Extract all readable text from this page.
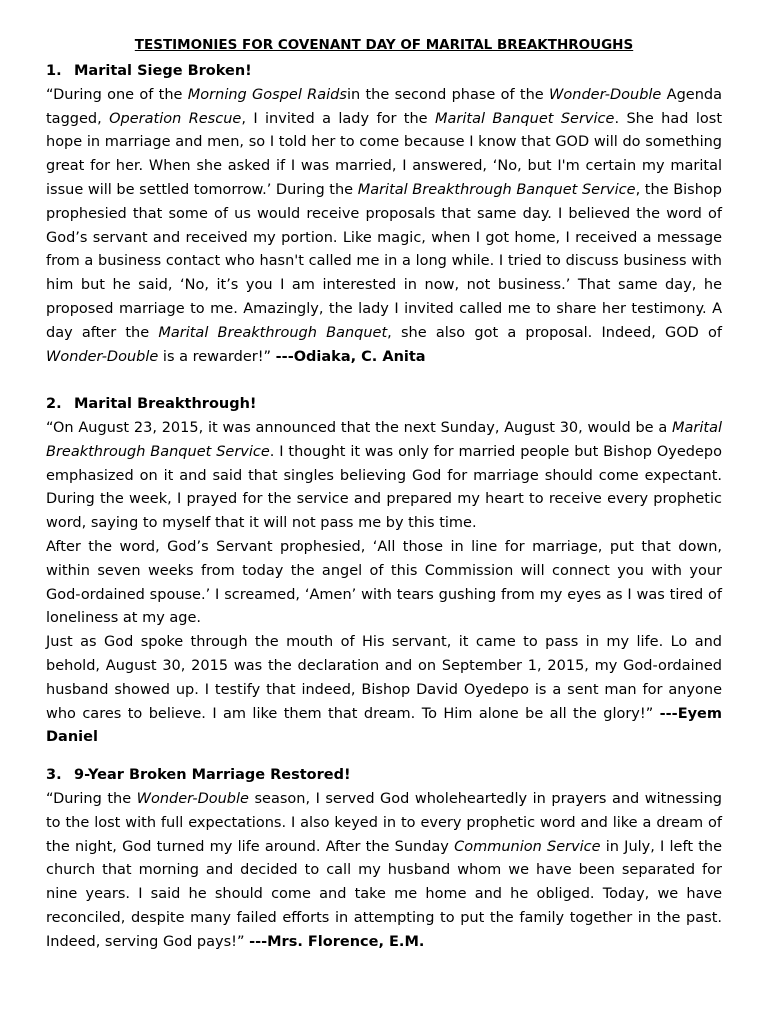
TESTIMONIES FOR COVENANT DAY OF MARITAL BREAKTHROUGHS
1. Marital Siege Broken!

“During one of the Morning Gospel Raidsin the second phase of the Wonder-Double Agenda tagged, Operation Rescue, I invited a lady for the Marital Banquet Service. She had lost hope in marriage and men, so I told her to come because I know that GOD will do something great for her. When she asked if I was married, I answered, ‘No, but I'm certain my marital issue will be settled tomorrow.’ During the Marital Breakthrough Banquet Service, the Bishop prophesied that some of us would receive proposals that same day. I believed the word of God’s servant and received my portion. Like magic, when I got home, I received a message from a business contact who hasn't called me in a long while. I tried to discuss business with him but he said, ‘No, it’s you I am interested in now, not business.’ That same day, he proposed marriage to me. Amazingly, the lady I invited called me to share her testimony. A day after the Marital Breakthrough Banquet, she also got a proposal. Indeed, GOD of Wonder-Double is a rewarder!” ---Odiaka, C. Anita

2. Marital Breakthrough!

“On August 23, 2015, it was announced that the next Sunday, August 30, would be a Marital Breakthrough Banquet Service. I thought it was only for married people but Bishop Oyedepo emphasized on it and said that singles believing God for marriage should come expectant. During the week, I prayed for the service and prepared my heart to receive every prophetic word, saying to myself that it will not pass me by this time.

After the word, God’s Servant prophesied, ‘All those in line for marriage, put that down, within seven weeks from today the angel of this Commission will connect you with your God-ordained spouse.’ I screamed, ‘Amen’ with tears gushing from my eyes as I was tired of loneliness at my age.

Just as God spoke through the mouth of His servant, it came to pass in my life. Lo and behold, August 30, 2015 was the declaration and on September 1, 2015, my God-ordained husband showed up. I testify that indeed, Bishop David Oyedepo is a sent man for anyone who cares to believe. I am like them that dream. To Him alone be all the glory!” ---Eyem Daniel

3. 9-Year Broken Marriage Restored!

“During the Wonder-Double season, I served God wholeheartedly in prayers and witnessing to the lost with full expectations. I also keyed in to every prophetic word and like a dream of the night, God turned my life around. After the Sunday Communion Service in July, I left the church that morning and decided to call my husband whom we have been separated for nine years. I said he should come and take me home and he obliged. Today, we have reconciled, despite many failed efforts in attempting to put the family together in the past. Indeed, serving God pays!” ---Mrs. Florence, E.M.
